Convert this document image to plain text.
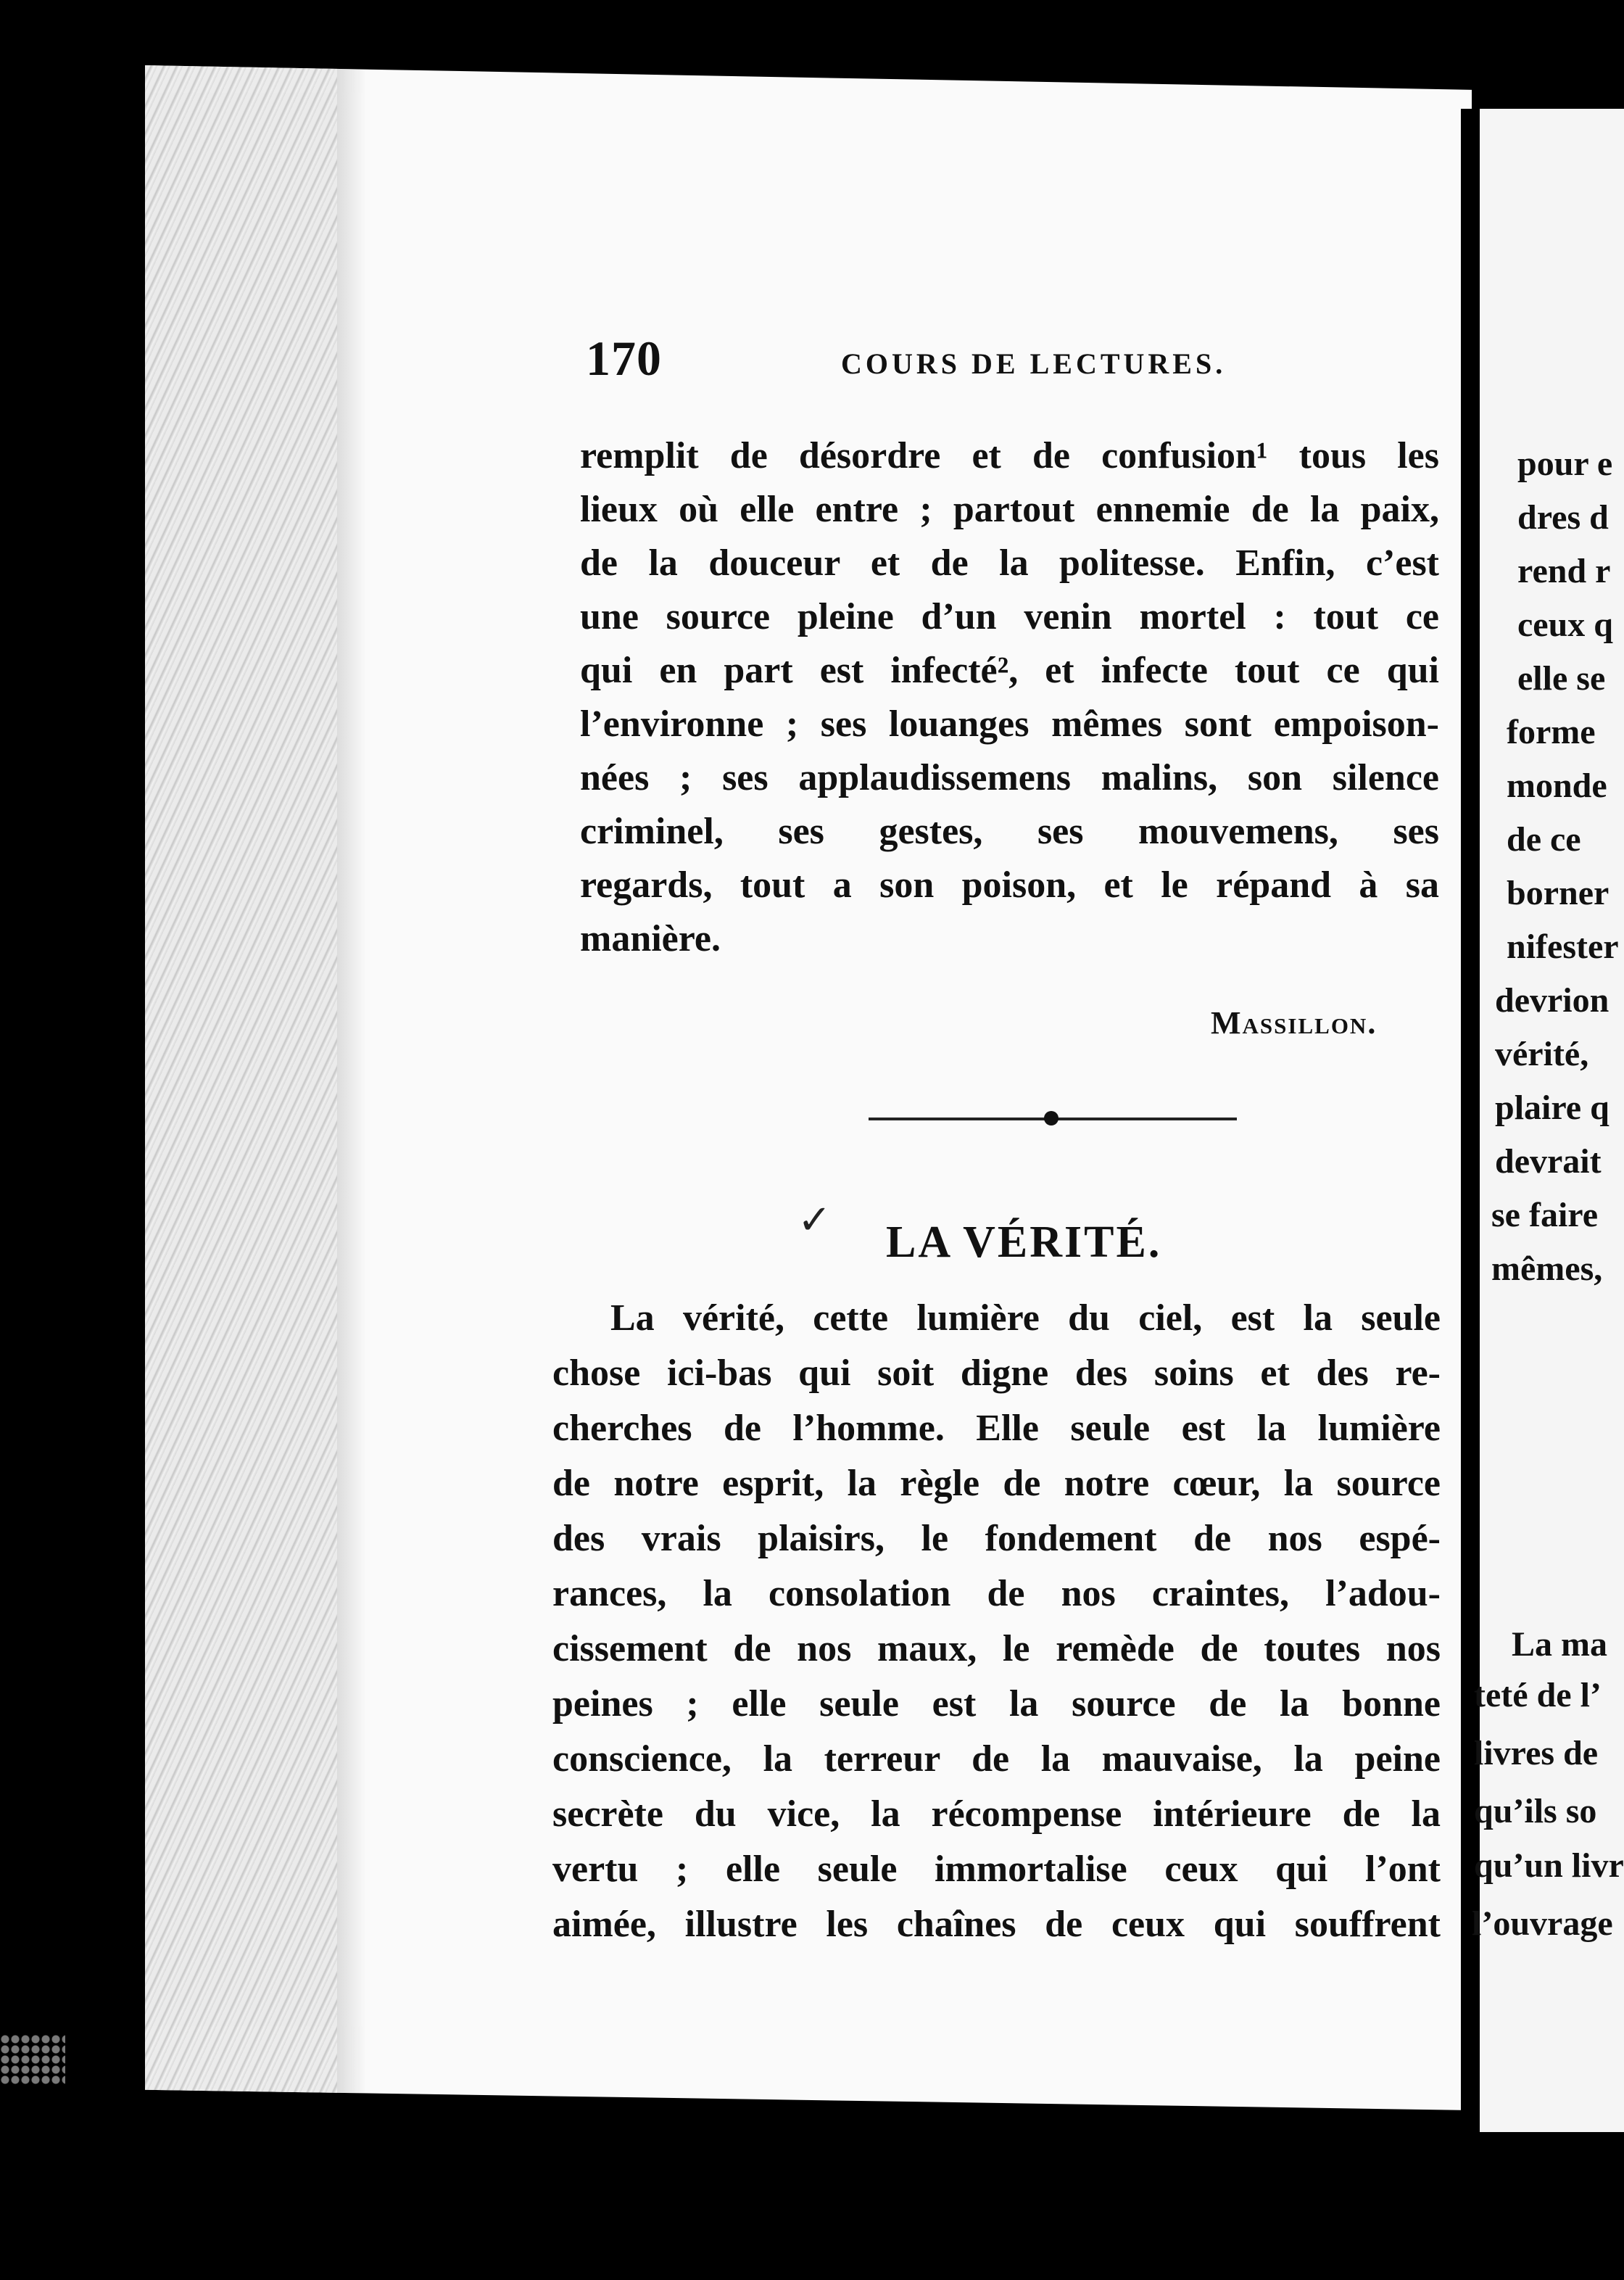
170	COURS DE LECTURES.
remplit de désordre et de confusion¹ tous les
lieux où elle entre ; partout ennemie de la paix,
de la douceur et de la politesse. Enfin, c’est
une source pleine d’un venin mortel : tout ce
qui en part est infecté², et infecte tout ce qui
l’environne ; ses louanges mêmes sont empoison-
nées ; ses applaudissemens malins, son silence
criminel, ses gestes, ses mouvemens, ses
regards, tout a son poison, et le répand à sa
manière.
Massillon.
✓ LA VÉRITÉ.
La vérité, cette lumière du ciel, est la seule
chose ici-bas qui soit digne des soins et des re-
cherches de l’homme. Elle seule est la lumière
de notre esprit, la règle de notre cœur, la source
des vrais plaisirs, le fondement de nos espé-
rances, la consolation de nos craintes, l’adou-
cissement de nos maux, le remède de toutes nos
peines ; elle seule est la source de la bonne
conscience, la terreur de la mauvaise, la peine
secrète du vice, la récompense intérieure de la
vertu ; elle seule immortalise ceux qui l’ont
aimée, illustre les chaînes de ceux qui souffrent
pour e
dres d
rend r
ceux q
elle se
forme
monde
de ce
borner
nifester
devrion
vérité,
plaire q
devrait
se faire
mêmes,
La ma
teté de l’
livres de
qu’ils so
qu’un livr
l’ouvrage
